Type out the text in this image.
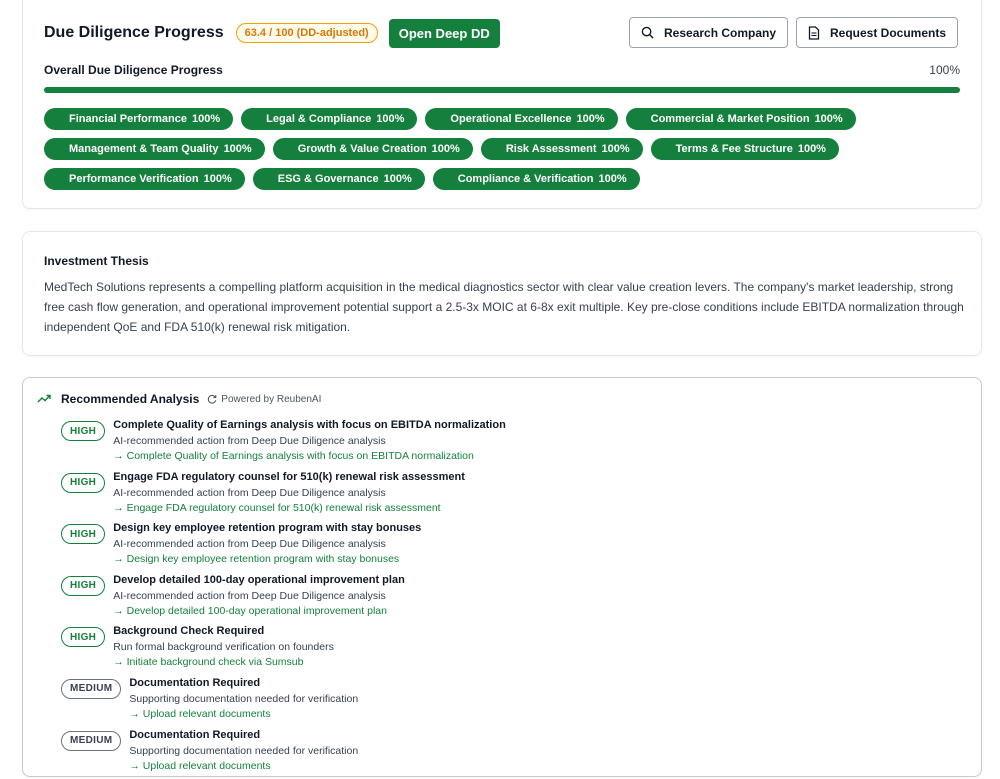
Due Diligence Progress	63.4 / 100 (DD-adjusted)	Open Deep DD	Research Company	Request Documents
Overall Due Diligence Progress	100%
Financial Performance 100%	Legal & Compliance 100%	Operational Excellence 100%	Commercial & Market Position 100%
Management & Team Quality 100%	Growth & Value Creation 100%	Risk Assessment 100%	Terms & Fee Structure 100%
Performance Verification 100%	ESG & Governance 100%	Compliance & Verification 100%
Investment Thesis
MedTech Solutions represents a compelling platform acquisition in the medical diagnostics sector with clear value creation levers. The company's market leadership, strong free cash flow generation, and operational improvement potential support a 2.5-3x MOIC at 6-8x exit multiple. Key pre-close conditions include EBITDA normalization through independent QoE and FDA 510(k) renewal risk mitigation.
Recommended Analysis Powered by ReubenAI
HIGH	Complete Quality of Earnings analysis with focus on EBITDA normalization
AI-recommended action from Deep Due Diligence analysis
→ Complete Quality of Earnings analysis with focus on EBITDA normalization
HIGH	Engage FDA regulatory counsel for 510(k) renewal risk assessment
AI-recommended action from Deep Due Diligence analysis
→ Engage FDA regulatory counsel for 510(k) renewal risk assessment
HIGH	Design key employee retention program with stay bonuses
AI-recommended action from Deep Due Diligence analysis
→ Design key employee retention program with stay bonuses
HIGH	Develop detailed 100-day operational improvement plan
AI-recommended action from Deep Due Diligence analysis
→ Develop detailed 100-day operational improvement plan
HIGH	Background Check Required
Run formal background verification on founders
→ Initiate background check via Sumsub
MEDIUM	Documentation Required
Supporting documentation needed for verification
→ Upload relevant documents
MEDIUM	Documentation Required
Supporting documentation needed for verification
→ Upload relevant documents
